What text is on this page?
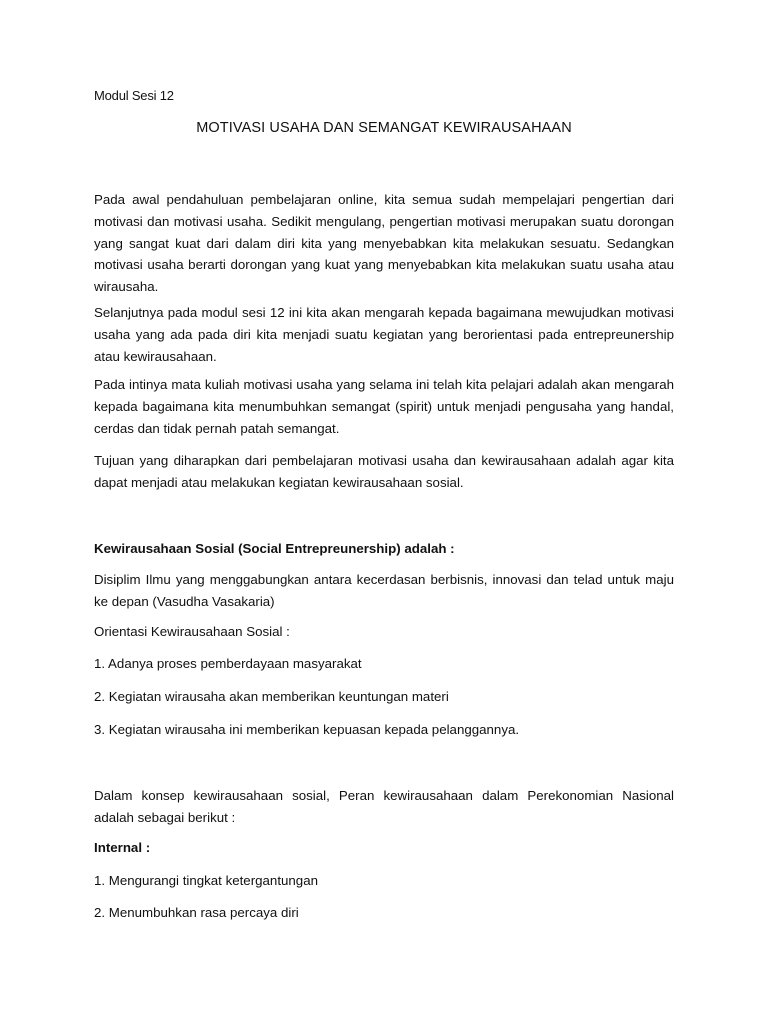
Modul Sesi 12
MOTIVASI USAHA DAN SEMANGAT KEWIRAUSAHAAN

Pada awal pendahuluan pembelajaran online, kita semua sudah mempelajari pengertian dari motivasi dan motivasi usaha. Sedikit mengulang, pengertian motivasi merupakan suatu dorongan yang sangat kuat dari dalam diri kita yang menyebabkan kita melakukan sesuatu. Sedangkan motivasi usaha berarti dorongan yang kuat yang menyebabkan kita melakukan suatu usaha atau wirausaha.

Selanjutnya pada modul sesi 12 ini kita akan mengarah kepada bagaimana mewujudkan motivasi usaha yang ada pada diri kita menjadi suatu kegiatan yang berorientasi pada entrepreunership atau kewirausahaan.

Pada intinya mata kuliah motivasi usaha yang selama ini telah kita pelajari adalah akan mengarah kepada bagaimana kita menumbuhkan semangat (spirit) untuk menjadi pengusaha yang handal, cerdas dan tidak pernah patah semangat.

Tujuan yang diharapkan dari pembelajaran motivasi usaha dan kewirausahaan adalah agar kita dapat menjadi atau melakukan kegiatan kewirausahaan sosial.

Kewirausahaan Sosial (Social Entrepreunership) adalah :

Disiplim Ilmu yang menggabungkan antara kecerdasan berbisnis, innovasi dan telad untuk maju ke depan (Vasudha Vasakaria)

Orientasi Kewirausahaan Sosial :
1. Adanya proses pemberdayaan masyarakat
2. Kegiatan wirausaha akan memberikan keuntungan materi
3. Kegiatan wirausaha ini memberikan kepuasan kepada pelanggannya.

Dalam konsep kewirausahaan sosial, Peran kewirausahaan dalam Perekonomian Nasional adalah sebagai berikut :

Internal :
1. Mengurangi tingkat ketergantungan
2. Menumbuhkan rasa percaya diri
